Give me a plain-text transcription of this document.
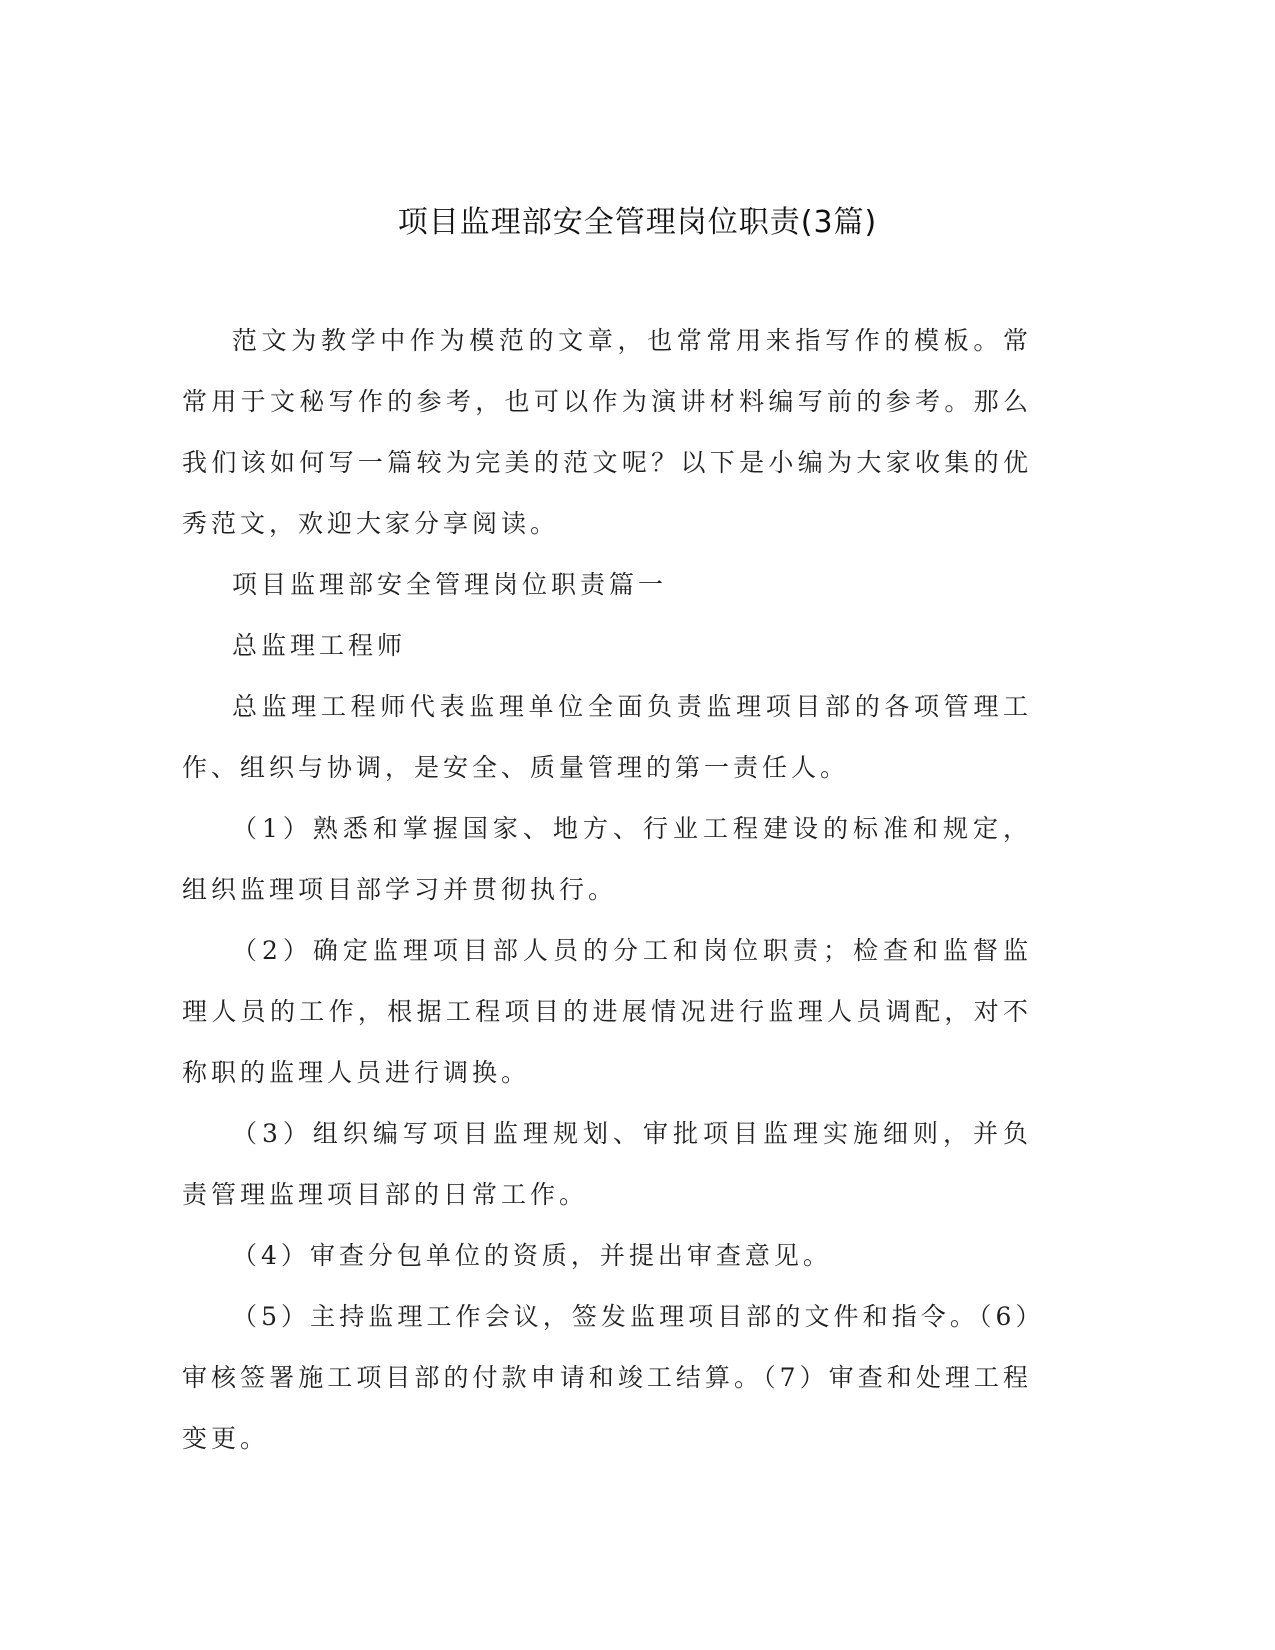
项目监理部安全管理岗位职责(3篇)

范文为教学中作为模范的文章，也常常用来指写作的模板。常常用于文秘写作的参考，也可以作为演讲材料编写前的参考。那么我们该如何写一篇较为完美的范文呢？以下是小编为大家收集的优秀范文，欢迎大家分享阅读。

项目监理部安全管理岗位职责篇一

总监理工程师

总监理工程师代表监理单位全面负责监理项目部的各项管理工作、组织与协调，是安全、质量管理的第一责任人。

（1）熟悉和掌握国家、地方、行业工程建设的标准和规定，组织监理项目部学习并贯彻执行。

（2）确定监理项目部人员的分工和岗位职责；检查和监督监理人员的工作，根据工程项目的进展情况进行监理人员调配，对不称职的监理人员进行调换。

（3）组织编写项目监理规划、审批项目监理实施细则，并负责管理监理项目部的日常工作。

（4）审查分包单位的资质，并提出审查意见。

（5）主持监理工作会议，签发监理项目部的文件和指令。（6）审核签署施工项目部的付款申请和竣工结算。（7）审查和处理工程变更。
